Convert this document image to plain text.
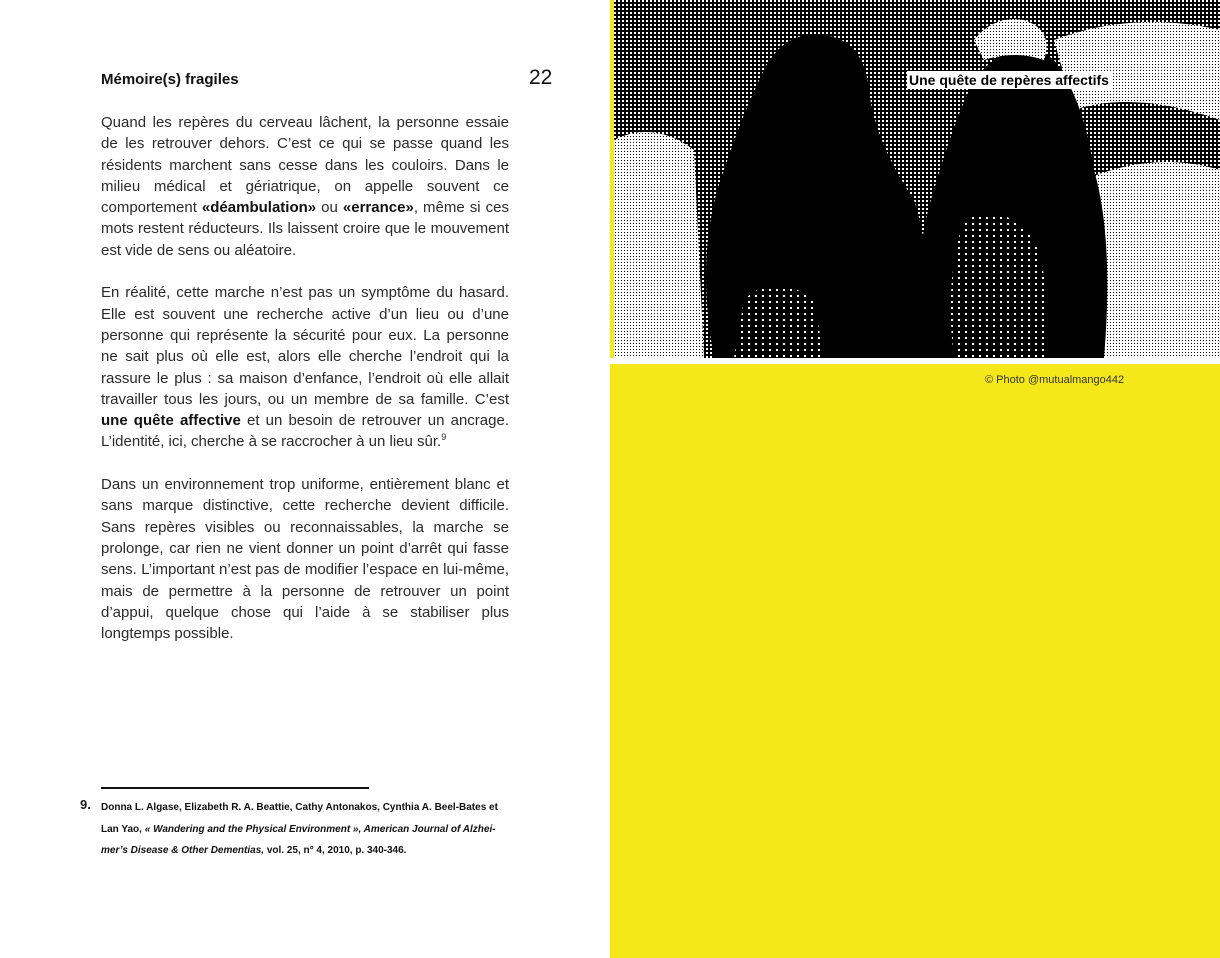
Mémoire(s) fragiles	22

Quand les repères du cerveau lâchent, la personne essaie de les retrouver dehors. C’est ce qui se passe quand les résidents marchent sans cesse dans les couloirs. Dans le milieu médical et gériatrique, on appelle souvent ce comportement «déambulation» ou «errance», même si ces mots restent réducteurs. Ils laissent croire que le mouvement est vide de sens ou aléatoire.

En réalité, cette marche n’est pas un symptôme du hasard. Elle est souvent une recherche active d’un lieu ou d’une personne qui représente la sécurité pour eux. La personne ne sait plus où elle est, alors elle cherche l’endroit qui la rassure le plus : sa maison d’enfance, l’endroit où elle allait travailler tous les jours, ou un membre de sa famille. C’est une quête affective et un besoin de retrouver un ancrage. L’identité, ici, cherche à se raccrocher à un lieu sûr.$^9$

Dans un environnement trop uniforme, entièrement blanc et sans marque distinctive, cette recherche devient difficile. Sans repères visibles ou reconnaissables, la marche se prolonge, car rien ne vient donner un point d’arrêt qui fasse sens. L’important n’est pas de modifier l’espace en lui-même, mais de permettre à la personne de retrouver un point d’appui, quelque chose qui l’aide à se stabiliser plus longtemps possible.

9. Donna L. Algase, Elizabeth R. A. Beattie, Cathy Antonakos, Cynthia A. Beel-Bates et Lan Yao, « Wandering and the Physical Environment », American Journal of Alzhei-mer’s Disease & Other Dementias, vol. 25, n° 4, 2010, p. 340-346.
Une quête de repères affectifs
© Photo @mutualmango442
